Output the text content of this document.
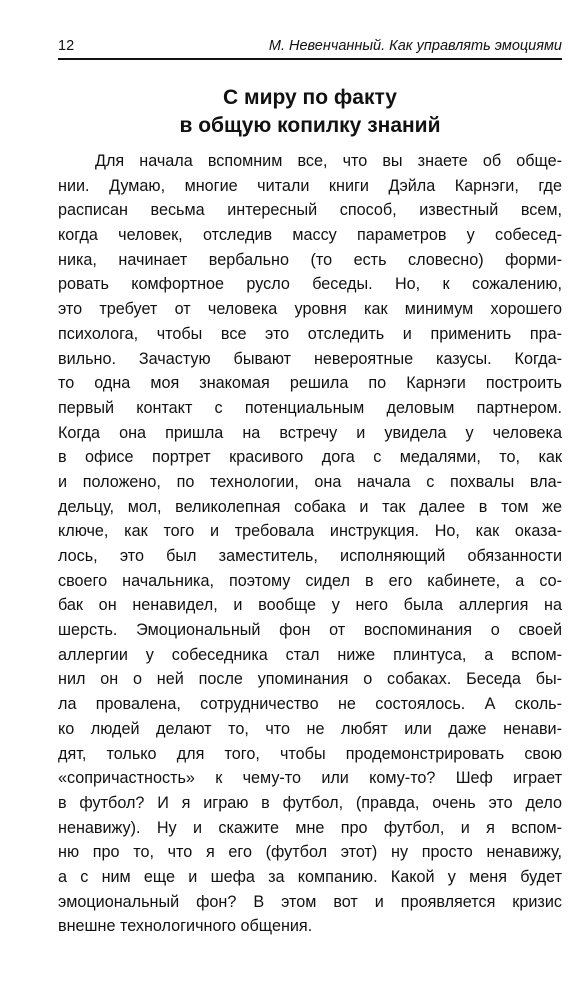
12	М. Невенчанный. Как управлять эмоциями
С миру по факту
в общую копилку знаний
Для начала вспомним все, что вы знаете об обще-
нии. Думаю, многие читали книги Дэйла Карнэги, где
расписан весьма интересный способ, известный всем,
когда человек, отследив массу параметров у собесед-
ника, начинает вербально (то есть словесно) форми-
ровать комфортное русло беседы. Но, к сожалению,
это требует от человека уровня как минимум хорошего
психолога, чтобы все это отследить и применить пра-
вильно. Зачастую бывают невероятные казусы. Когда-
то одна моя знакомая решила по Карнэги построить
первый контакт с потенциальным деловым партнером.
Когда она пришла на встречу и увидела у человека
в офисе портрет красивого дога с медалями, то, как
и положено, по технологии, она начала с похвалы вла-
дельцу, мол, великолепная собака и так далее в том же
ключе, как того и требовала инструкция. Но, как оказа-
лось, это был заместитель, исполняющий обязанности
своего начальника, поэтому сидел в его кабинете, а со-
бак он ненавидел, и вообще у него была аллергия на
шерсть. Эмоциональный фон от воспоминания о своей
аллергии у собеседника стал ниже плинтуса, а вспом-
нил он о ней после упоминания о собаках. Беседа бы-
ла провалена, сотрудничество не состоялось. А сколь-
ко людей делают то, что не любят или даже ненави-
дят, только для того, чтобы продемонстрировать свою
«сопричастность» к чему-то или кому-то? Шеф играет
в футбол? И я играю в футбол, (правда, очень это дело
ненавижу). Ну и скажите мне про футбол, и я вспом-
ню про то, что я его (футбол этот) ну просто ненавижу,
а с ним еще и шефа за компанию. Какой у меня будет
эмоциональный фон? В этом вот и проявляется кризис
внешне технологичного общения.
